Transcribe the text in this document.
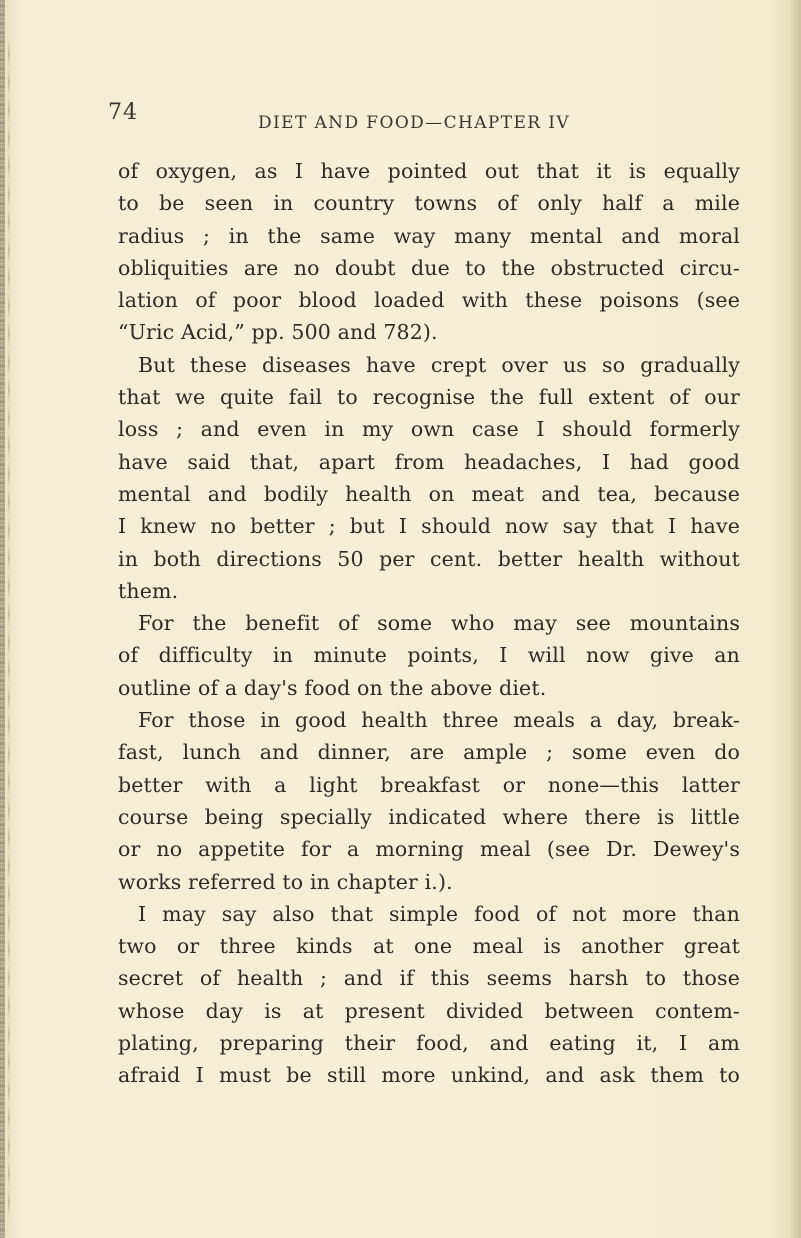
74	DIET AND FOOD—CHAPTER IV
of oxygen, as I have pointed out that it is equally
to be seen in country towns of only half a mile
radius ; in the same way many mental and moral
obliquities are no doubt due to the obstructed circu-
lation of poor blood loaded with these poisons (see
“Uric Acid,” pp. 500 and 782).
But these diseases have crept over us so gradually
that we quite fail to recognise the full extent of our
loss ; and even in my own case I should formerly
have said that, apart from headaches, I had good
mental and bodily health on meat and tea, because
I knew no better ; but I should now say that I have
in both directions 50 per cent. better health without
them.
For the benefit of some who may see mountains
of difficulty in minute points, I will now give an
outline of a day's food on the above diet.
For those in good health three meals a day, break-
fast, lunch and dinner, are ample ; some even do
better with a light breakfast or none—this latter
course being specially indicated where there is little
or no appetite for a morning meal (see Dr. Dewey's
works referred to in chapter i.).
I may say also that simple food of not more than
two or three kinds at one meal is another great
secret of health ; and if this seems harsh to those
whose day is at present divided between contem-
plating, preparing their food, and eating it, I am
afraid I must be still more unkind, and ask them to
